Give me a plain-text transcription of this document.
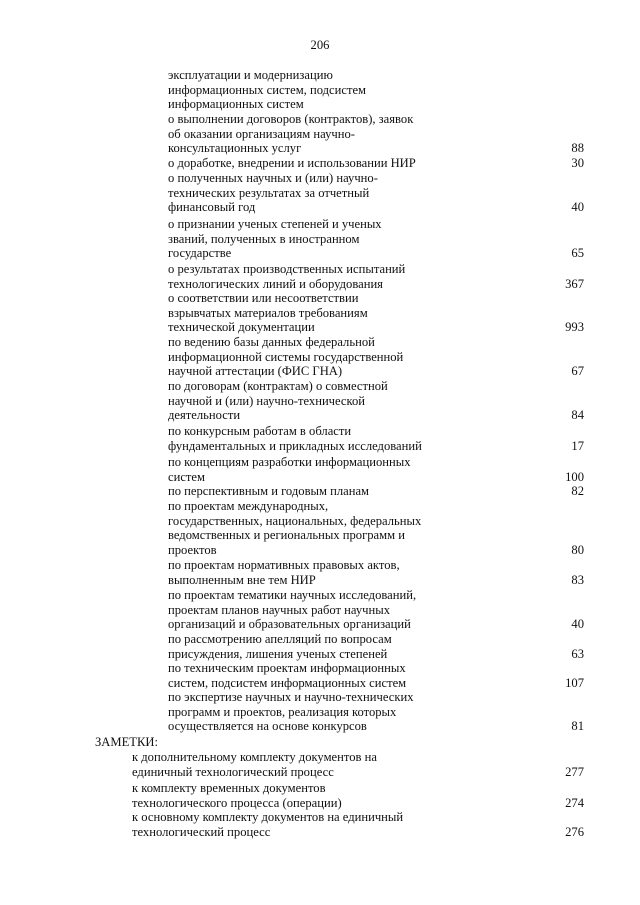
206
эксплуатации и модернизацию
информационных систем, подсистем
информационных систем
о выполнении договоров (контрактов), заявок
об оказании организациям научно-
консультационных услуг	88
о доработке, внедрении и использовании НИР	30
о полученных научных и (или) научно-
технических результатах за отчетный
финансовый год	40
о признании ученых степеней и ученых
званий, полученных в иностранном
государстве	65
о результатах производственных испытаний
технологических линий и оборудования	367
о соответствии или несоответствии
взрывчатых материалов требованиям
технической документации	993
по ведению базы данных федеральной
информационной системы государственной
научной аттестации (ФИС ГНА)	67
по договорам (контрактам) о совместной
научной и (или) научно-технической
деятельности	84
по конкурсным работам в области
фундаментальных и прикладных исследований	17
по концепциям разработки информационных
систем	100
по перспективным и годовым планам	82
по проектам международных,
государственных, национальных, федеральных
ведомственных и региональных программ и
проектов	80
по проектам нормативных правовых актов,
выполненным вне тем НИР	83
по проектам тематики научных исследований,
проектам планов научных работ научных
организаций и образовательных организаций	40
по рассмотрению апелляций по вопросам
присуждения, лишения ученых степеней	63
по техническим проектам информационных
систем, подсистем информационных систем	107
по экспертизе научных и научно-технических
программ и проектов, реализация которых
осуществляется на основе конкурсов	81
ЗАМЕТКИ:
к дополнительному комплекту документов на
единичный технологический процесс	277
к комплекту временных документов
технологического процесса (операции)	274
к основному комплекту документов на единичный
технологический процесс	276
